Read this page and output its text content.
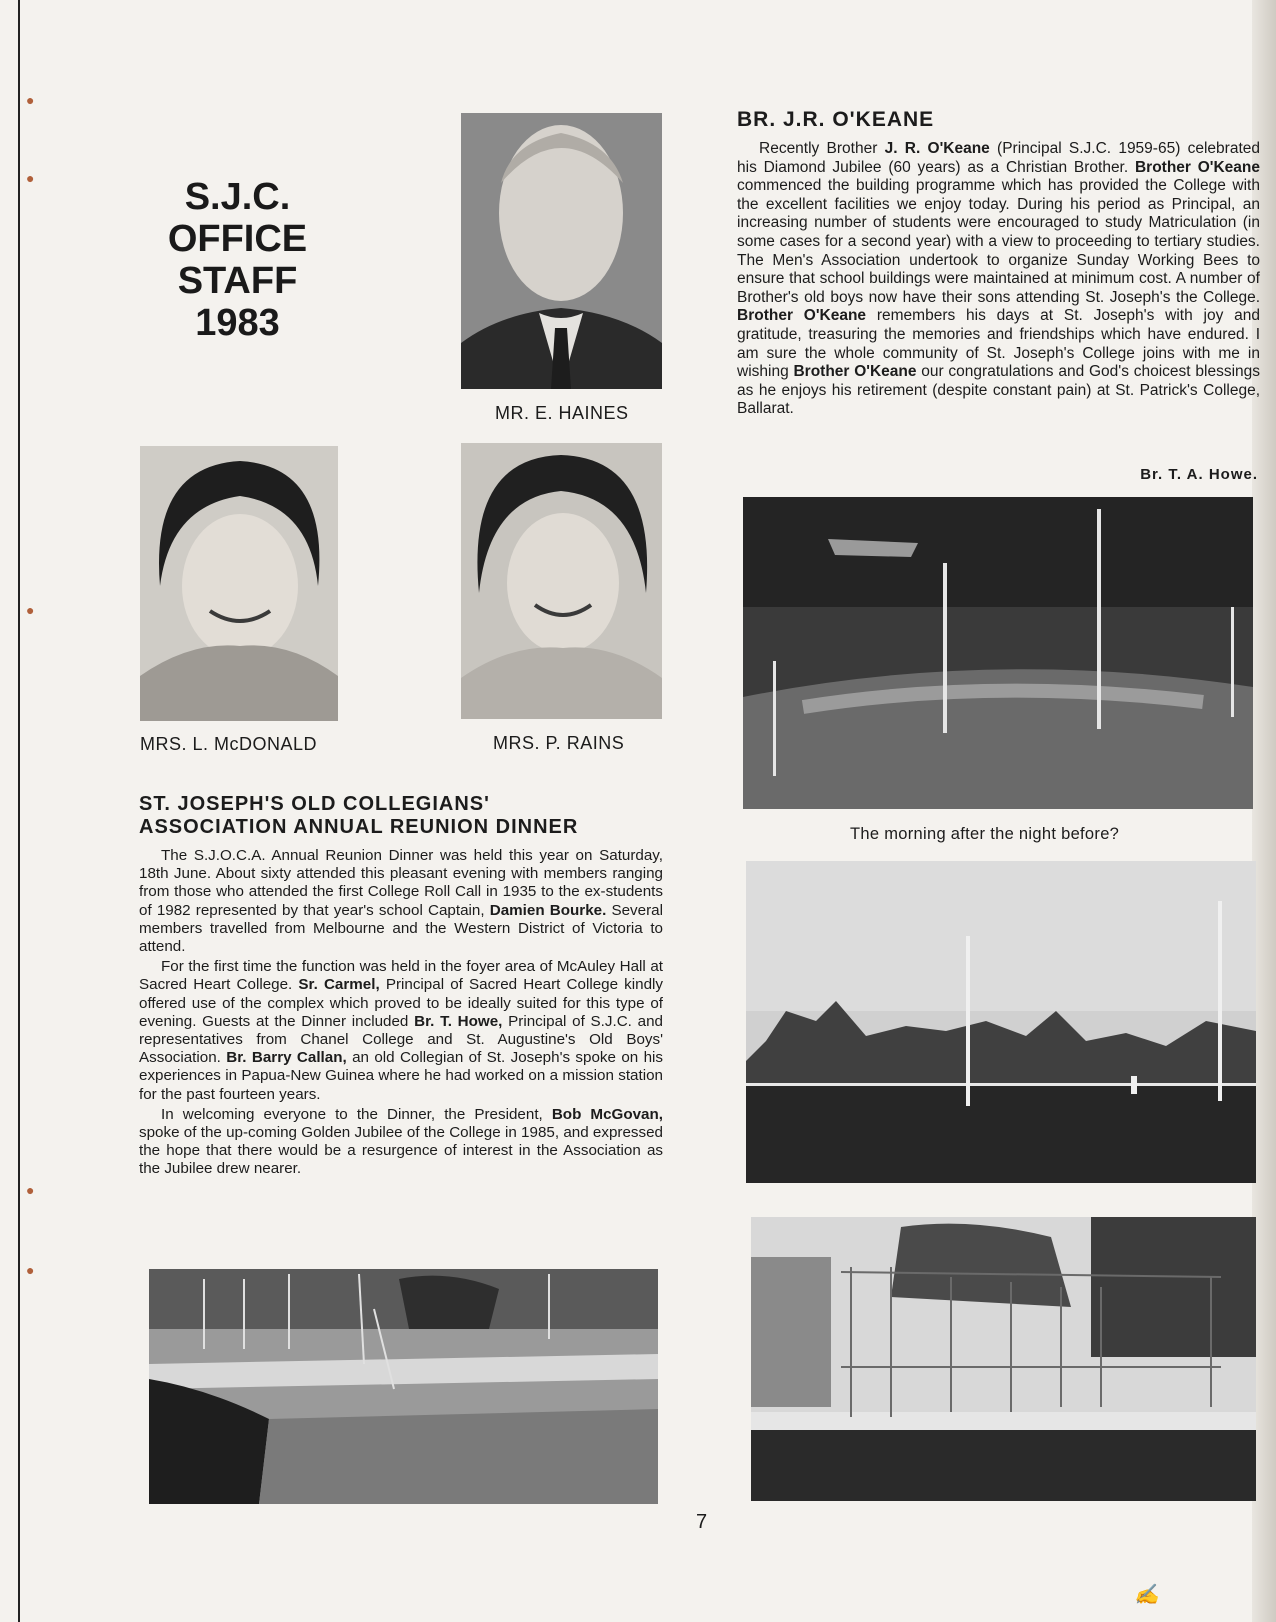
●
●
●
●
●
S.J.C.
OFFICE
STAFF
1983

MR. E. HAINES

MRS. L. McDONALD	MRS. P. RAINS

BR. J.R. O'KEANE

Recently Brother J. R. O'Keane (Principal S.J.C. 1959-65) celebrated his Diamond Jubilee (60 years) as a Christian Brother. Brother O'Keane commenced the building programme which has provided the College with the excellent facilities we enjoy today. During his period as Principal, an increasing number of students were encouraged to study Matriculation (in some cases for a second year) with a view to proceeding to tertiary studies. The Men's Association undertook to organize Sunday Working Bees to ensure that school buildings were maintained at minimum cost. A number of Brother's old boys now have their sons attending St. Joseph's the College. Brother O'Keane remembers his days at St. Joseph's with joy and gratitude, treasuring the memories and friendships which have endured. I am sure the whole community of St. Joseph's College joins with me in wishing Brother O'Keane our congratulations and God's choicest blessings as he enjoys his retirement (despite constant pain) at St. Patrick's College, Ballarat.

Br. T. A. Howe.

The morning after the night before?

ST. JOSEPH'S OLD COLLEGIANS'
ASSOCIATION ANNUAL REUNION DINNER

The S.J.O.C.A. Annual Reunion Dinner was held this year on Saturday, 18th June. About sixty attended this pleasant evening with members ranging from those who attended the first College Roll Call in 1935 to the ex-students of 1982 represented by that year's school Captain, Damien Bourke. Several members travelled from Melbourne and the Western District of Victoria to attend.

For the first time the function was held in the foyer area of McAuley Hall at Sacred Heart College. Sr. Carmel, Principal of Sacred Heart College kindly offered use of the complex which proved to be ideally suited for this type of evening. Guests at the Dinner included Br. T. Howe, Principal of S.J.C. and representatives from Chanel College and St. Augustine's Old Boys' Association. Br. Barry Callan, an old Collegian of St. Joseph's spoke on his experiences in Papua-New Guinea where he had worked on a mission station for the past fourteen years.

In welcoming everyone to the Dinner, the President, Bob McGovan, spoke of the up-coming Golden Jubilee of the College in 1985, and expressed the hope that there would be a resurgence of interest in the Association as the Jubilee drew nearer.

7

✍
